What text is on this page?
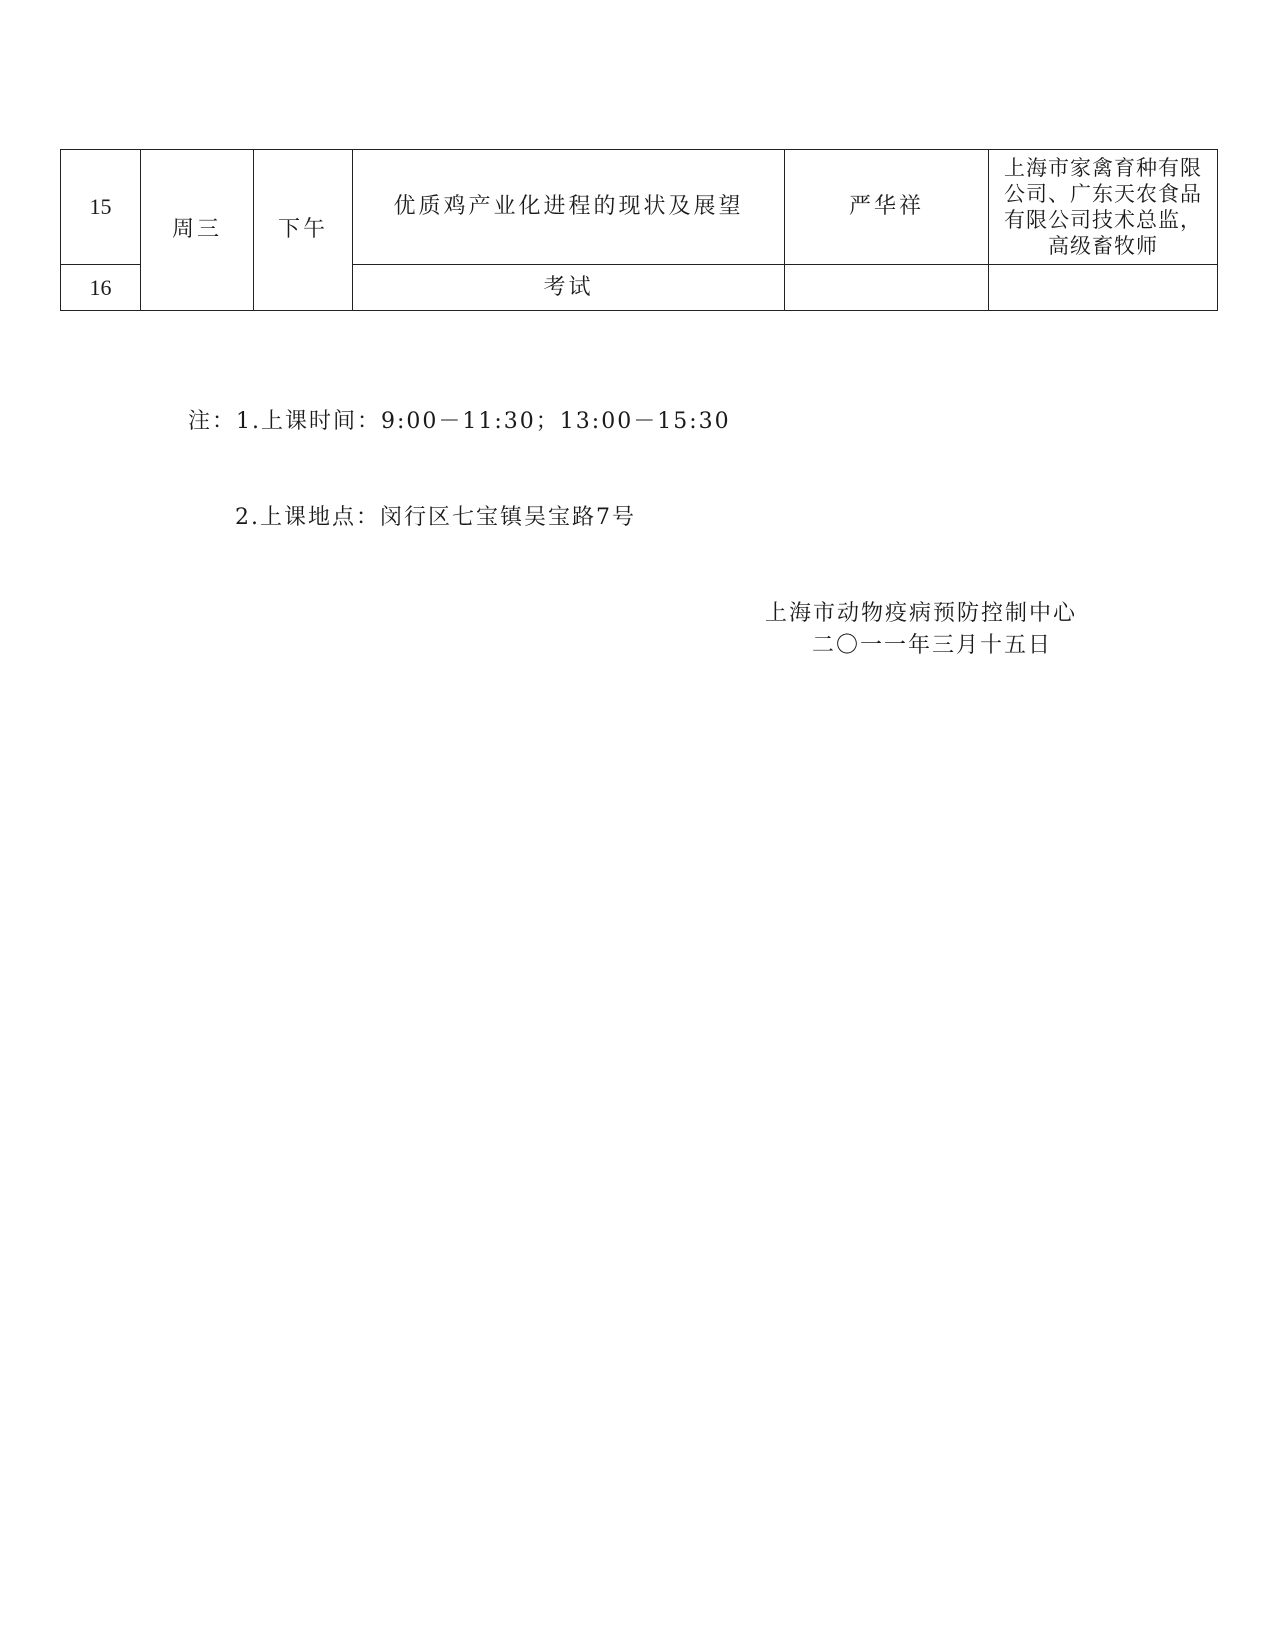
15	周三	下午	优质鸡产业化进程的现状及展望	严华祥	上海市家禽育种有限
公司、广东天农食品
有限公司技术总监，
高级畜牧师

16			考试		

注：1.上课时间：9:00－11:30；13:00－15:30

2.上课地点：闵行区七宝镇吴宝路7号

上海市动物疫病预防控制中心
二〇一一年三月十五日
